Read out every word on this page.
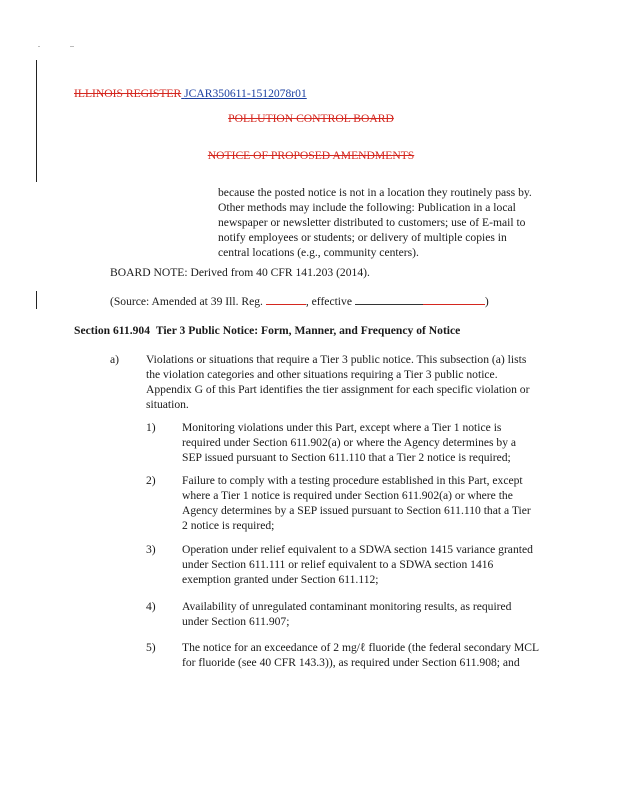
ILLINOIS REGISTER JCAR350611-1512078r01
POLLUTION CONTROL BOARD
NOTICE OF PROPOSED AMENDMENTS

because the posted notice is not in a location they routinely pass by. Other methods may include the following: Publication in a local newspaper or newsletter distributed to customers; use of E-mail to notify employees or students; or delivery of multiple copies in central locations (e.g., community centers).

BOARD NOTE: Derived from 40 CFR 141.203 (2014).
(Source: Amended at 39 Ill. Reg.	, effective	)
Section 611.904 Tier 3 Public Notice: Form, Manner, and Frequency of Notice
a) Violations or situations that require a Tier 3 public notice. This subsection (a) lists the violation categories and other situations requiring a Tier 3 public notice. Appendix G of this Part identifies the tier assignment for each specific violation or situation.

1) Monitoring violations under this Part, except where a Tier 1 notice is required under Section 611.902(a) or where the Agency determines by a SEP issued pursuant to Section 611.110 that a Tier 2 notice is required;

2) Failure to comply with a testing procedure established in this Part, except where a Tier 1 notice is required under Section 611.902(a) or where the Agency determines by a SEP issued pursuant to Section 611.110 that a Tier 2 notice is required;

3) Operation under relief equivalent to a SDWA section 1415 variance granted under Section 611.111 or relief equivalent to a SDWA section 1416 exemption granted under Section 611.112;

4) Availability of unregulated contaminant monitoring results, as required under Section 611.907;

5) The notice for an exceedance of 2 mg/ℓ fluoride (the federal secondary MCL for fluoride (see 40 CFR 143.3)), as required under Section 611.908; and
